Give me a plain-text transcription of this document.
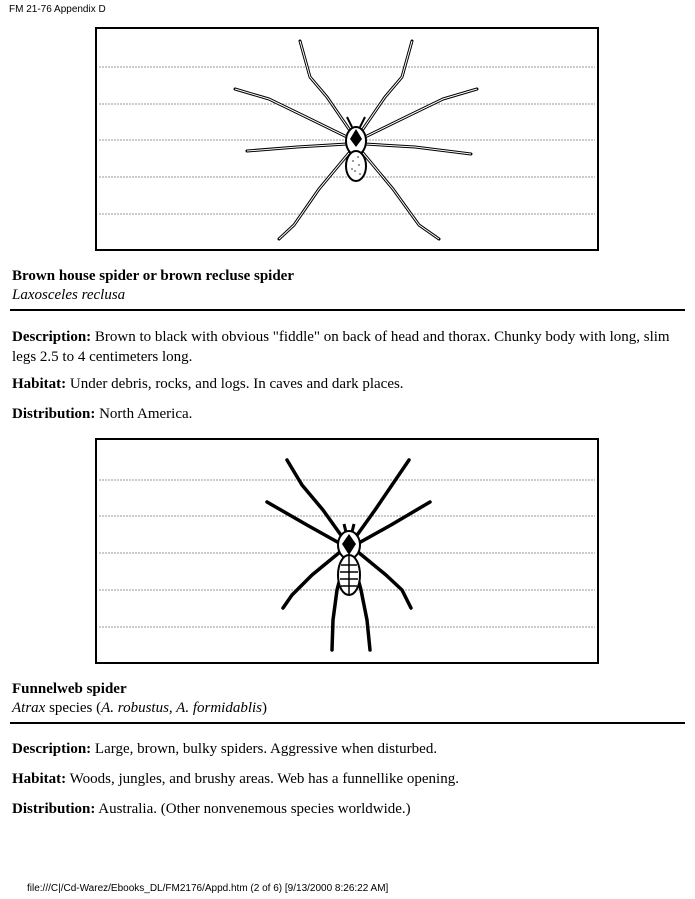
FM 21-76 Appendix D
Brown house spider or brown recluse spider
Laxosceles reclusa
Description: Brown to black with obvious "fiddle" on back of head and thorax. Chunky body with long, slim legs 2.5 to 4 centimeters long.
Habitat: Under debris, rocks, and logs. In caves and dark places.
Distribution: North America.
Funnelweb spider
Atrax species (A. robustus, A. formidablis)
Description: Large, brown, bulky spiders. Aggressive when disturbed.
Habitat: Woods, jungles, and brushy areas. Web has a funnellike opening.
Distribution: Australia. (Other nonvenemous species worldwide.)
file:///C|/Cd-Warez/Ebooks_DL/FM2176/Appd.htm (2 of 6) [9/13/2000 8:26:22 AM]
